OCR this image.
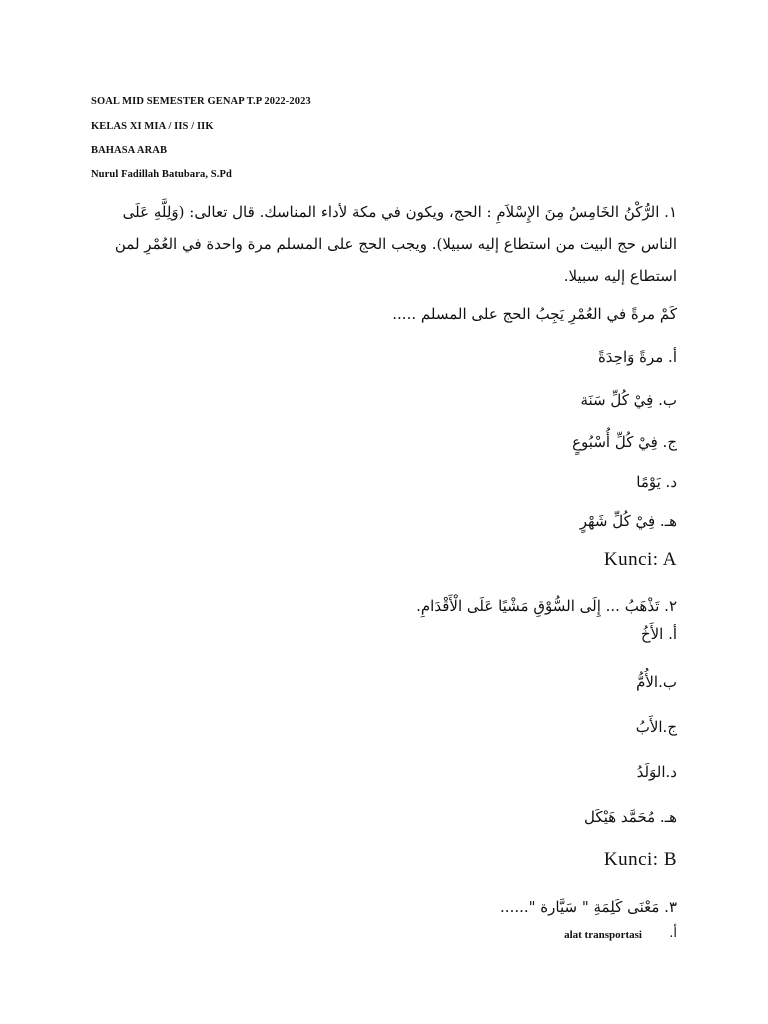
SOAL MID SEMESTER GENAP T.P 2022-2023
KELAS XI MIA / IIS / IIK
BAHASA ARAB
Nurul Fadillah Batubara, S.Pd
١. الرُّكْنُ الخَامِسُ مِنَ الإِسْلاَمِ : الحج، ويكون في مكة لأداء المناسك. قال تعالى: (وَلِلَّهِ عَلَى الناس حج البيت من استطاع إليه سبيلا). ويجب الحج على المسلم مرة واحدة في العُمْرِ لمن استطاع إليه سبيلا.
كَمْ مرةً في العُمْرِ يَجِبُ الحج على المسلم .....
أ. مرةً وَاحِدَةً
ب. فِيْ كُلِّ سَنَة
ج. فِيْ كُلِّ أُسْبُوعٍ
د. يَوْمًا
هـ. فِيْ كُلِّ شَهْرٍ
Kunci: A
٢. تَذْهَبُ ... إِلَى السُّوْقِ مَشْيًا عَلَى الْأَقْدَامِ.
أ. الأَخُ
ب.الأُمُّ
ج.الأَبُ
د.الوَلَدُ
هـ. مُحَمَّد هَيْكَل
Kunci: B
٣. مَعْنَى كَلِمَةِ " سَيَّارة "......
أ.
alat transportasi
